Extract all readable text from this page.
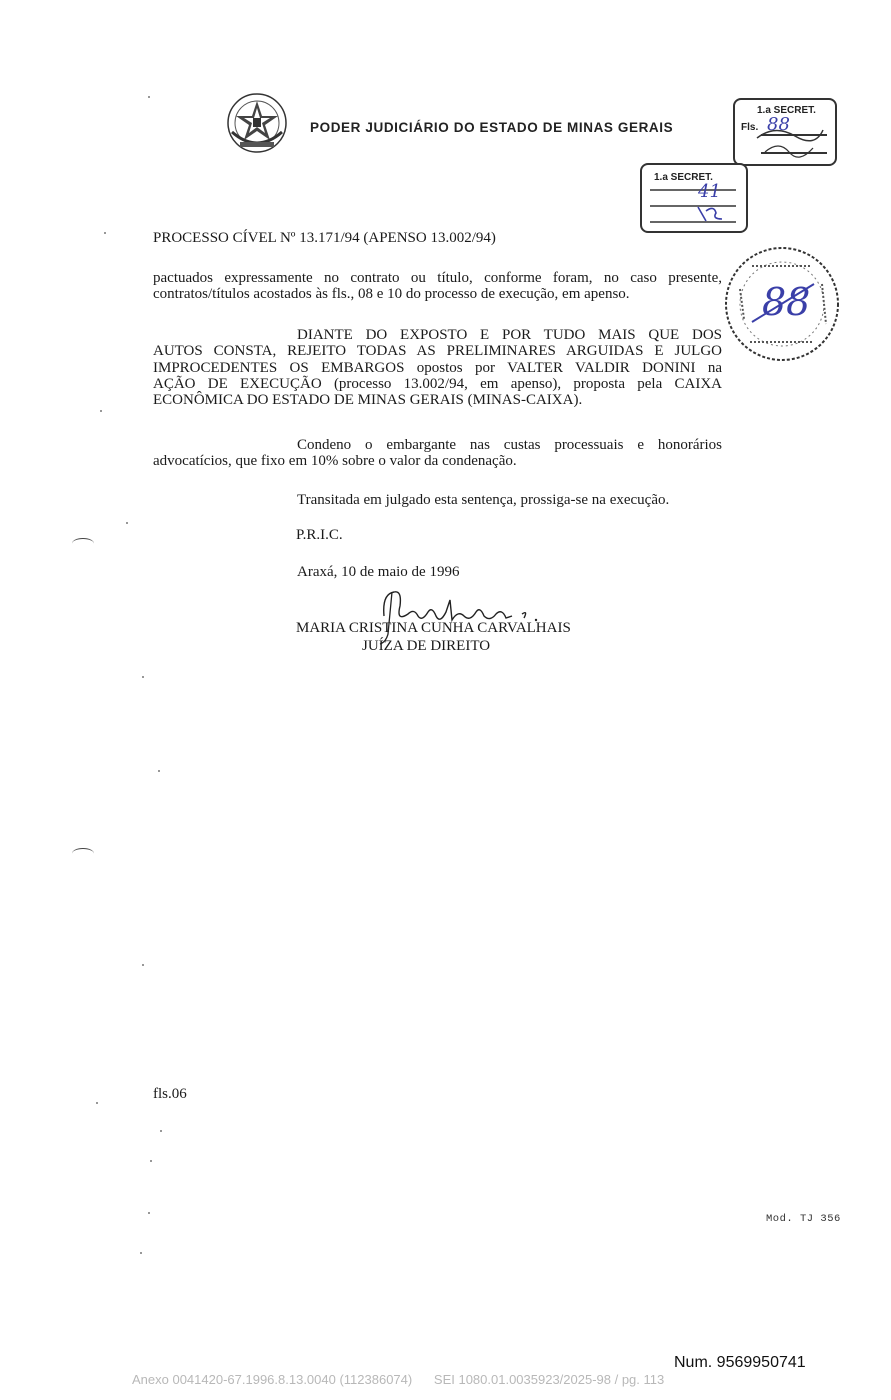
PODER JUDICIÁRIO DO ESTADO DE MINAS GERAIS
1.a SECRET.
Fls. 88
1.a SECRET.
41
88
PROCESSO CÍVEL Nº 13.171/94 (APENSO 13.002/94)
pactuados expressamente no contrato ou título, conforme foram, no caso presente,
contratos/títulos acostados às fls., 08 e 10 do processo de execução, em apenso.
DIANTE DO EXPOSTO E POR TUDO MAIS QUE DOS
AUTOS CONSTA, REJEITO TODAS AS PRELIMINARES ARGUIDAS E JULGO
IMPROCEDENTES OS EMBARGOS opostos por VALTER VALDIR DONINI na
AÇÃO DE EXECUÇÃO (processo 13.002/94, em apenso), proposta pela CAIXA
ECONÔMICA DO ESTADO DE MINAS GERAIS (MINAS-CAIXA).
Condeno o embargante nas custas processuais e honorários
advocatícios, que fixo em 10% sobre o valor da condenação.
Transitada em julgado esta sentença, prossiga-se na execução.
P.R.I.C.
Araxá, 10 de maio de 1996
MARIA CRISTINA CUNHA CARVALHAIS
JUÍZA DE DIREITO
fls.06
Mod. TJ 356
Num. 9569950741
Anexo 0041420-67.1996.8.13.0040 (112386074)      SEI 1080.01.0035923/2025-98 / pg. 113
